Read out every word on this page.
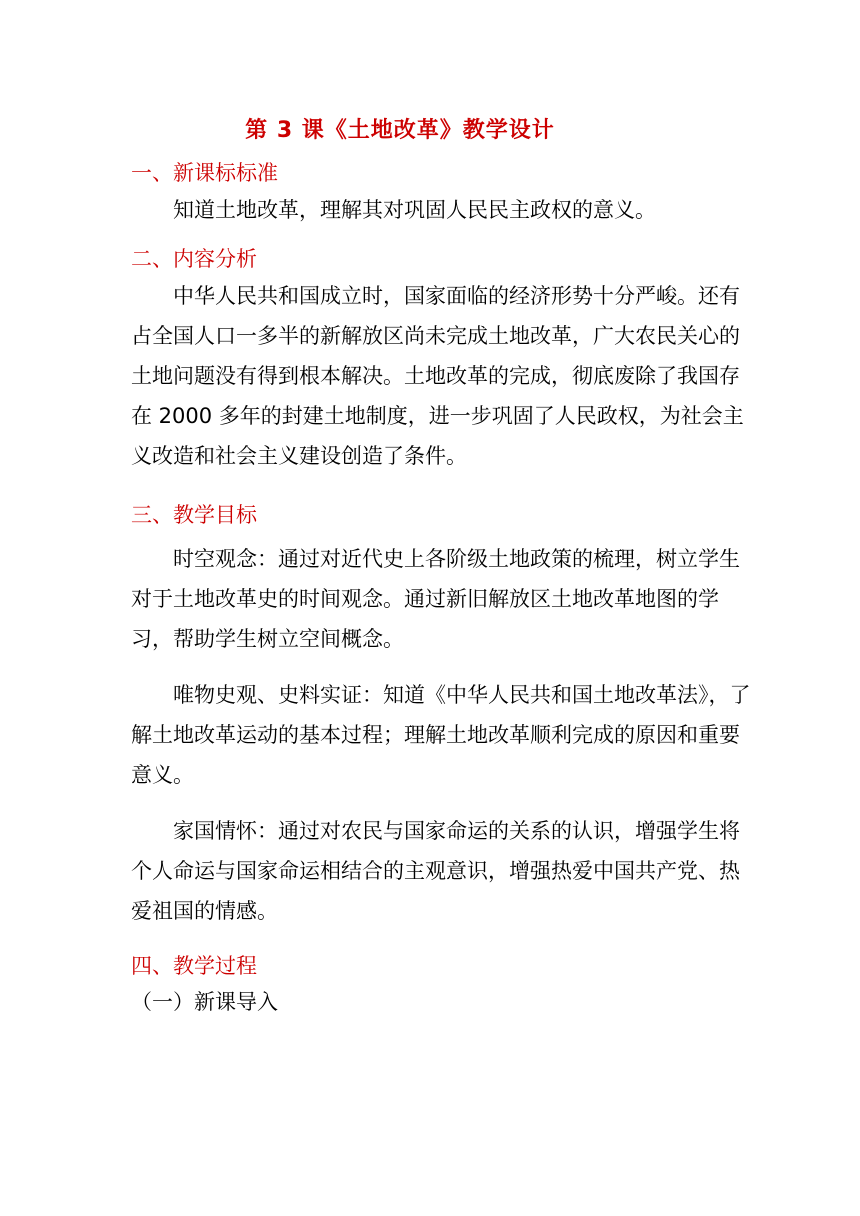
第 3 课《土地改革》教学设计
一、新课标标准
知道土地改革，理解其对巩固人民民主政权的意义。
二、内容分析
中华人民共和国成立时，国家面临的经济形势十分严峻。还有占全国人口一多半的新解放区尚未完成土地改革，广大农民关心的土地问题没有得到根本解决。土地改革的完成，彻底废除了我国存在 2000 多年的封建土地制度，进一步巩固了人民政权，为社会主义改造和社会主义建设创造了条件。
三、教学目标
时空观念：通过对近代史上各阶级土地政策的梳理，树立学生对于土地改革史的时间观念。通过新旧解放区土地改革地图的学习，帮助学生树立空间概念。
唯物史观、史料实证：知道《中华人民共和国土地改革法》，了解土地改革运动的基本过程；理解土地改革顺利完成的原因和重要意义。
家国情怀：通过对农民与国家命运的关系的认识，增强学生将个人命运与国家命运相结合的主观意识，增强热爱中国共产党、热爱祖国的情感。
四、教学过程
（一）新课导入
